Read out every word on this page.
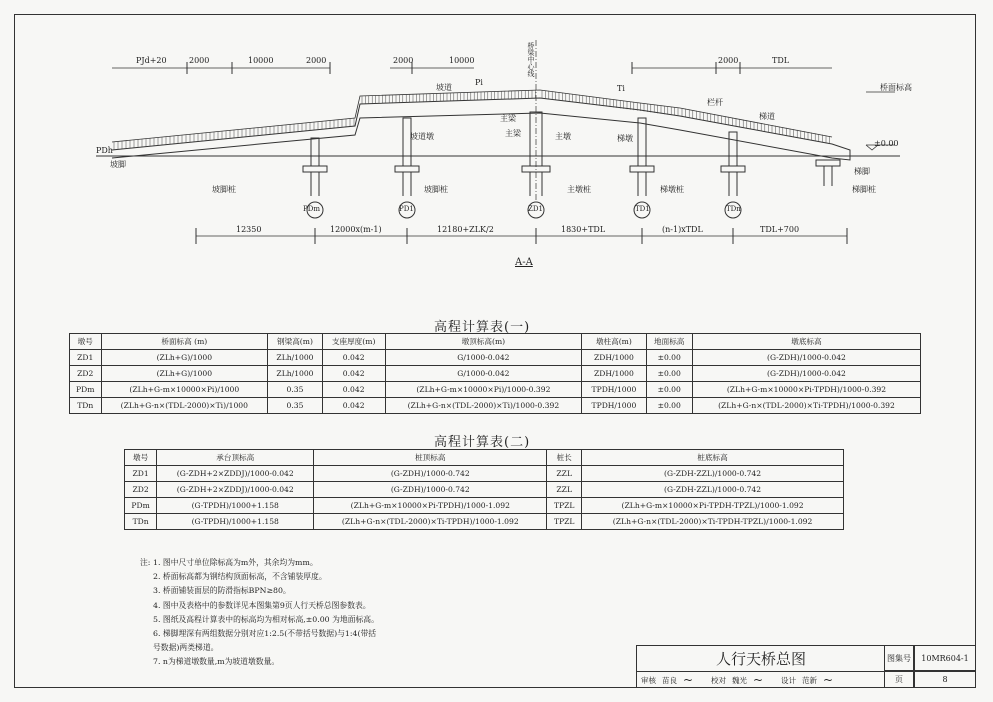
PJd+20	2000	10000	2000	2000	10000	2000	TDL
桥梁中心线
桥面标高
坡道
Pi
Ti
栏杆
梯道
主梁
主梁
坡道墩	主墩	梯墩
坡脚
PDh
±0.00
梯脚
梯脚桩
坡脚桩	坡脚桩	主墩桩	梯墩桩
PDm	PD1	ZD1	TD1	TDn
12350	12000x(m-1)	12180+ZLK/2	1830+TDL	(n-1)xTDL	TDL+700
A-A
高程计算表(一)
墩号	桥面标高 (m)	钢梁高(m)	支座厚度(m)	墩顶标高(m)	墩柱高(m)	地面标高	墩底标高
ZD1	(ZLh+G)/1000	ZLh/1000	0.042	G/1000-0.042	ZDH/1000	±0.00	(G-ZDH)/1000-0.042
ZD2	(ZLh+G)/1000	ZLh/1000	0.042	G/1000-0.042	ZDH/1000	±0.00	(G-ZDH)/1000-0.042
PDm	(ZLh+G-m×10000×Pi)/1000	0.35	0.042	(ZLh+G-m×10000×Pi)/1000-0.392	TPDH/1000	±0.00	(ZLh+G-m×10000×Pi-TPDH)/1000-0.392
TDn	(ZLh+G-n×(TDL-2000)×Ti)/1000	0.35	0.042	(ZLh+G-n×(TDL-2000)×Ti)/1000-0.392	TPDH/1000	±0.00	(ZLh+G-n×(TDL-2000)×Ti-TPDH)/1000-0.392
高程计算表(二)
墩号	承台顶标高	桩顶标高	桩长	桩底标高
ZD1	(G-ZDH+2×ZDDJ)/1000-0.042	(G-ZDH)/1000-0.742	ZZL	(G-ZDH-ZZL)/1000-0.742
ZD2	(G-ZDH+2×ZDDJ)/1000-0.042	(G-ZDH)/1000-0.742	ZZL	(G-ZDH-ZZL)/1000-0.742
PDm	(G-TPDH)/1000+1.158	(ZLh+G-m×10000×Pi-TPDH)/1000-1.092	TPZL	(ZLh+G-m×10000×Pi-TPDH-TPZL)/1000-1.092
TDn	(G-TPDH)/1000+1.158	(ZLh+G-n×(TDL-2000)×Ti-TPDH)/1000-1.092	TPZL	(ZLh+G-n×(TDL-2000)×Ti-TPDH-TPZL)/1000-1.092
注: 1. 图中尺寸单位除标高为m外，其余均为mm。
2. 桥面标高都为钢结构顶面标高，不含铺装厚度。
3. 桥面铺装面层的防滑指标BPN≥80。
4. 图中及表格中的参数详见本图集第9页人行天桥总图参数表。
5. 图纸及高程计算表中的标高均为相对标高,±0.00 为地面标高。
6. 梯脚埋深有两组数据分别对应1:2.5(不带括号数据)与1:4(带括
号数据)两类梯道。
7. n为梯道墩数量,m为坡道墩数量。	人行天桥总图	图集号	10MR604-1
审核 苗良 ~	校对 魏光 ~	设计 范新 ~	页	8
